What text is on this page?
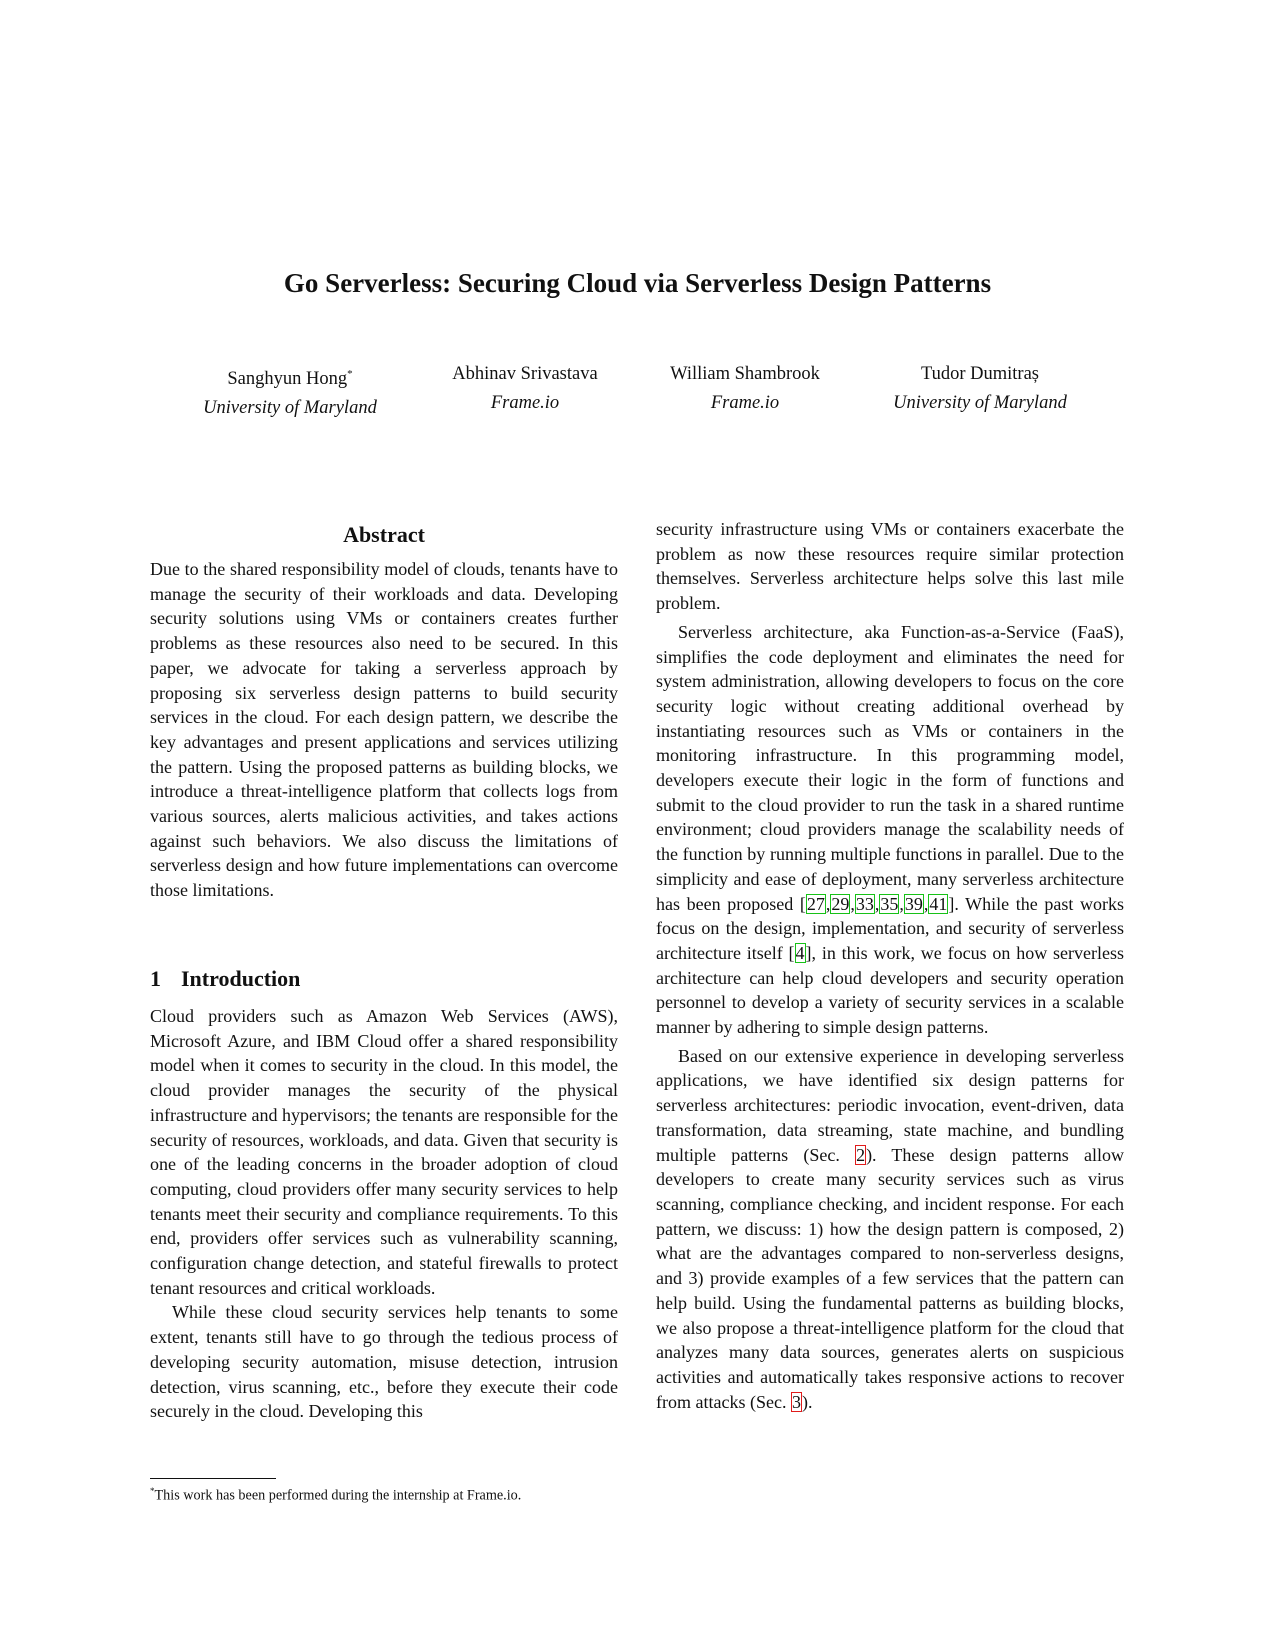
Go Serverless: Securing Cloud via Serverless Design Patterns
Sanghyun Hong*
University of Maryland
Abhinav Srivastava
Frame.io
William Shambrook
Frame.io
Tudor Dumitraș
University of Maryland
Abstract

Due to the shared responsibility model of clouds, tenants have to manage the security of their workloads and data. Developing security solutions using VMs or containers creates further problems as these resources also need to be secured. In this paper, we advocate for taking a serverless approach by proposing six serverless design patterns to build security services in the cloud. For each design pattern, we describe the key advantages and present applications and services utilizing the pattern. Using the proposed patterns as building blocks, we introduce a threat-intelligence platform that collects logs from various sources, alerts malicious activities, and takes actions against such behaviors. We also discuss the limitations of serverless design and how future implementations can overcome those limitations.

1 Introduction

Cloud providers such as Amazon Web Services (AWS), Microsoft Azure, and IBM Cloud offer a shared responsibility model when it comes to security in the cloud. In this model, the cloud provider manages the security of the physical infrastructure and hypervisors; the tenants are responsible for the security of resources, workloads, and data. Given that security is one of the leading concerns in the broader adoption of cloud computing, cloud providers offer many security services to help tenants meet their security and compliance requirements. To this end, providers offer services such as vulnerability scanning, configuration change detection, and stateful firewalls to protect tenant resources and critical workloads.

While these cloud security services help tenants to some extent, tenants still have to go through the tedious process of developing security automation, misuse detection, intrusion detection, virus scanning, etc., before they execute their code securely in the cloud. Developing this

*This work has been performed during the internship at Frame.io.

security infrastructure using VMs or containers exacerbate the problem as now these resources require similar protection themselves. Serverless architecture helps solve this last mile problem.

Serverless architecture, aka Function-as-a-Service (FaaS), simplifies the code deployment and eliminates the need for system administration, allowing developers to focus on the core security logic without creating additional overhead by instantiating resources such as VMs or containers in the monitoring infrastructure. In this programming model, developers execute their logic in the form of functions and submit to the cloud provider to run the task in a shared runtime environment; cloud providers manage the scalability needs of the function by running multiple functions in parallel. Due to the simplicity and ease of deployment, many serverless architecture has been proposed [27,29,33,35,39,41]. While the past works focus on the design, implementation, and security of serverless architecture itself [4], in this work, we focus on how serverless architecture can help cloud developers and security operation personnel to develop a variety of security services in a scalable manner by adhering to simple design patterns.

Based on our extensive experience in developing serverless applications, we have identified six design patterns for serverless architectures: periodic invocation, event-driven, data transformation, data streaming, state machine, and bundling multiple patterns (Sec. 2). These design patterns allow developers to create many security services such as virus scanning, compliance checking, and incident response. For each pattern, we discuss: 1) how the design pattern is composed, 2) what are the advantages compared to non-serverless designs, and 3) provide examples of a few services that the pattern can help build. Using the fundamental patterns as building blocks, we also propose a threat-intelligence platform for the cloud that analyzes many data sources, generates alerts on suspicious activities and automatically takes responsive actions to recover from attacks (Sec. 3).
